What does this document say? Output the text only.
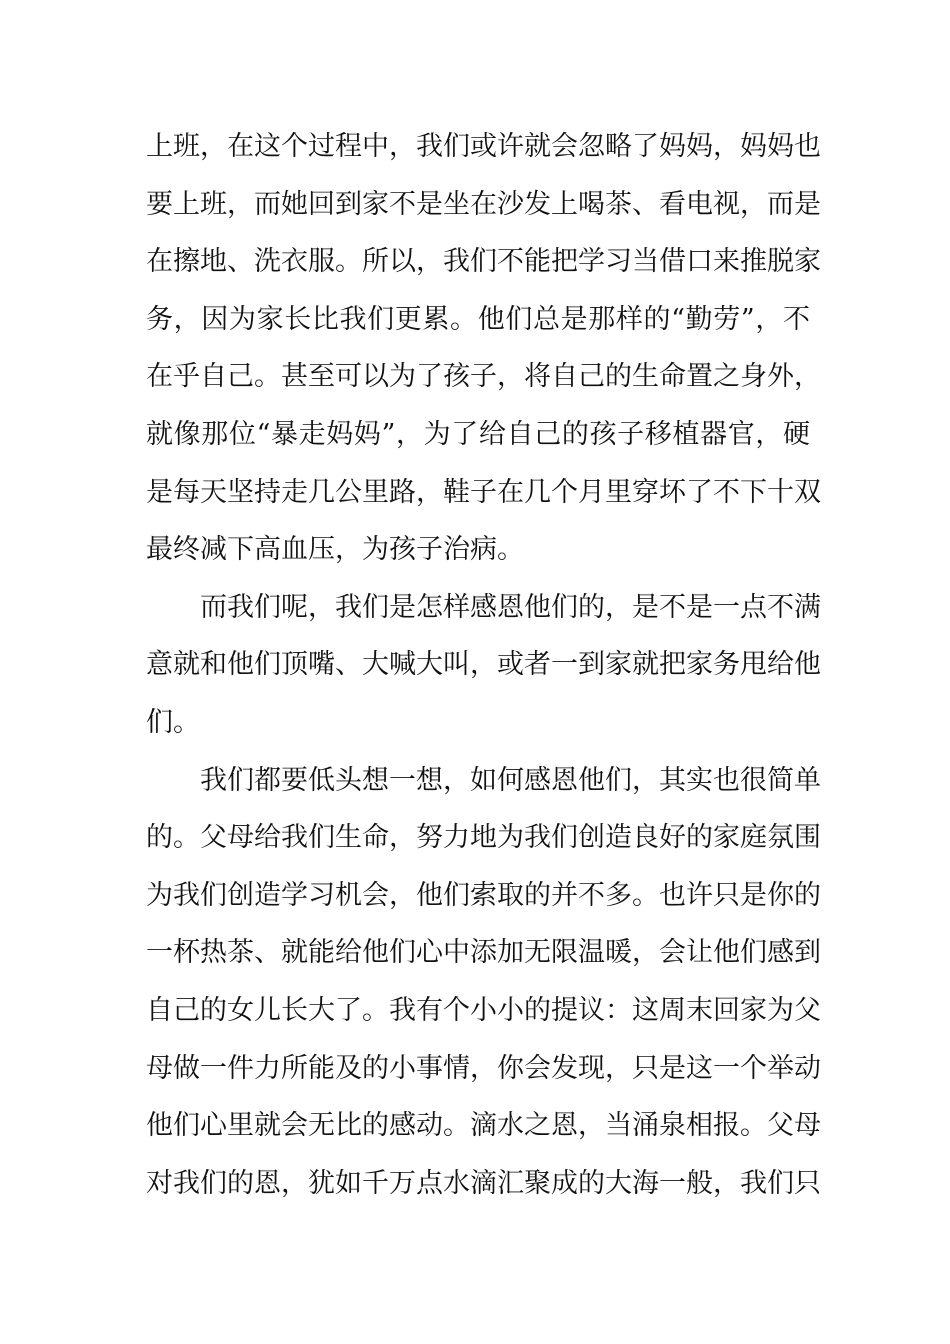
上班，在这个过程中，我们或许就会忽略了妈妈，妈妈也
要上班，而她回到家不是坐在沙发上喝茶、看电视，而是
在擦地、洗衣服。所以，我们不能把学习当借口来推脱家
务，因为家长比我们更累。他们总是那样的“勤劳”，不
在乎自己。甚至可以为了孩子，将自己的生命置之身外，
就像那位“暴走妈妈”，为了给自己的孩子移植器官，硬
是每天坚持走几公里路，鞋子在几个月里穿坏了不下十双
最终减下高血压，为孩子治病。
而我们呢，我们是怎样感恩他们的，是不是一点不满
意就和他们顶嘴、大喊大叫，或者一到家就把家务甩给他
们。
我们都要低头想一想，如何感恩他们，其实也很简单
的。父母给我们生命，努力地为我们创造良好的家庭氛围
为我们创造学习机会，他们索取的并不多。也许只是你的
一杯热茶、就能给他们心中添加无限温暖，会让他们感到
自己的女儿长大了。我有个小小的提议：这周末回家为父
母做一件力所能及的小事情，你会发现，只是这一个举动
他们心里就会无比的感动。滴水之恩，当涌泉相报。父母
对我们的恩，犹如千万点水滴汇聚成的大海一般，我们只
